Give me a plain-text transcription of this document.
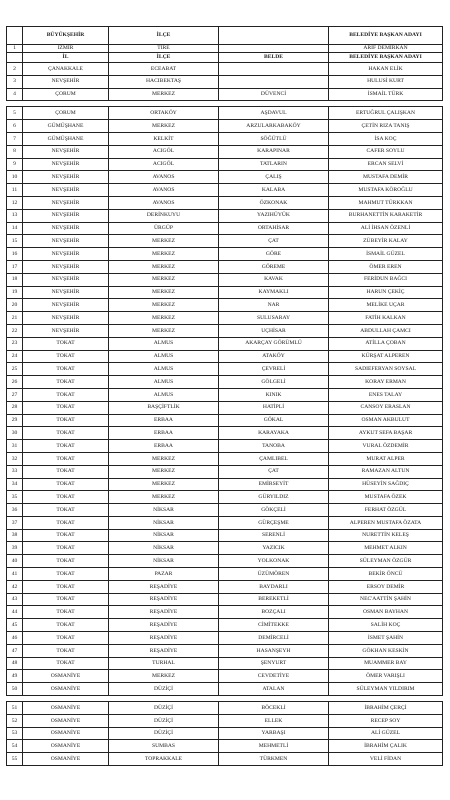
	BÜYÜKŞEHİR	İLÇE		BELEDİYE BAŞKAN ADAYI
1	İZMİR	TİRE		ARİF DEMİRKAN
	İL	İLÇE	BELDE	BELEDİYE BAŞKAN ADAYI
2	ÇANAKKALE	ECEABAT		HAKAN ELİK
3	NEVŞEHİR	HACIBEKTAŞ		HULUSİ KURT
4	ÇORUM	MERKEZ	DÜVENCİ	İSMAİL TÜRK

5	ÇORUM	ORTAKÖY	AŞDAVUL	ERTUĞRUL ÇALIŞKAN
6	GÜMÜŞHANE	MERKEZ	ARZULARKABAKÖY	ÇETİN RIZA TANIŞ
7	GÜMÜŞHANE	KELKİT	SÖĞÜTLÜ	İSA KOÇ
8	NEVŞEHİR	ACIGÖL	KARAPINAR	CAFER SOYLU
9	NEVŞEHİR	ACIGÖL	TATLARIN	ERCAN SELVİ
10	NEVŞEHİR	AVANOS	ÇALIŞ	MUSTAFA DEMİR
11	NEVŞEHİR	AVANOS	KALABA	MUSTAFA KÖROĞLU
12	NEVŞEHİR	AVANOS	ÖZKONAK	MAHMUT TÜRKKAN
13	NEVŞEHİR	DERİNKUYU	YAZIHÜYÜK	BURHANETTİN KARAKETİR
14	NEVŞEHİR	ÜRGÜP	ORTAHİSAR	ALİ İHSAN ÖZENLİ
15	NEVŞEHİR	MERKEZ	ÇAT	ZÜBEYİR KALAY
16	NEVŞEHİR	MERKEZ	GÖRE	İSMAİL GÜZEL
17	NEVŞEHİR	MERKEZ	GÖREME	ÖMER EREN
18	NEVŞEHİR	MERKEZ	KAVAK	FERİDUN BAĞCI
19	NEVŞEHİR	MERKEZ	KAYMAKLI	HARUN ÇEKİÇ
20	NEVŞEHİR	MERKEZ	NAR	MELİKE UÇAR
21	NEVŞEHİR	MERKEZ	SULUSARAY	FATİH KALKAN
22	NEVŞEHİR	MERKEZ	UÇHİSAR	ABDULLAH ÇAMCI
23	TOKAT	ALMUS	AKARÇAY GÖRÜMLÜ	ATİLLA ÇOBAN
24	TOKAT	ALMUS	ATAKÖY	KÜRŞAT ALPEREN
25	TOKAT	ALMUS	ÇEVRELİ	SADIEFERYAN SOYSAL
26	TOKAT	ALMUS	GÖLGELİ	KORAY ERMAN
27	TOKAT	ALMUS	KINIK	ENES TALAY
28	TOKAT	BAŞÇİFTLİK	HATİPLİ	CANSOY ERASLAN
29	TOKAT	ERBAA	GÖKAL	OSMAN AKBULUT
30	TOKAT	ERBAA	KARAYAKA	AYKUT SEFA BAŞAR
31	TOKAT	ERBAA	TANOBA	VURAL ÖZDEMİR
32	TOKAT	MERKEZ	ÇAMLIBEL	MURAT ALPER
33	TOKAT	MERKEZ	ÇAT	RAMAZAN ALTUN
34	TOKAT	MERKEZ	EMİRSEYİT	HÜSEYİN SAĞDIÇ
35	TOKAT	MERKEZ	GÜRYILDIZ	MUSTAFA ÖZEK
36	TOKAT	NİKSAR	GÖKÇELİ	FERHAT ÖZGÜL
37	TOKAT	NİKSAR	GÜRÇEŞME	ALPEREN MUSTAFA ÖZATA
38	TOKAT	NİKSAR	SERENLİ	NURETTİN KELEŞ
39	TOKAT	NİKSAR	YAZICIK	MEHMET ALKIN
40	TOKAT	NİKSAR	YOLKONAK	SÜLEYMAN ÖZGÜR
41	TOKAT	PAZAR	ÜZÜMÖREN	BEKİR ÖNCÜ
42	TOKAT	REŞADİYE	BAYDARLI	ERSOY DEMİR
43	TOKAT	REŞADİYE	BEREKETLİ	NEC'AATTİN ŞAHİN
44	TOKAT	REŞADİYE	BOZÇALI	OSMAN BAYHAN
45	TOKAT	REŞADİYE	CİMİTEKKE	SALİH KOÇ
46	TOKAT	REŞADİYE	DEMİRCELİ	İSMET ŞAHİN
47	TOKAT	REŞADİYE	HASANŞEYH	GÖKHAN KESKİN
48	TOKAT	TURHAL	ŞENYURT	MUAMMER BAY
49	OSMANİYE	MERKEZ	CEVDETİYE	ÖMER VARIŞLI
50	OSMANİYE	DÜZİÇİ	ATALAN	SÜLEYMAN YILDIRIM

51	OSMANİYE	DÜZİÇİ	BÖCEKLİ	İBRAHİM ÇERÇİ
52	OSMANİYE	DÜZİÇİ	ELLEK	RECEP SOY
53	OSMANİYE	DÜZİÇİ	YARBAŞI	ALİ GÜZEL
54	OSMANİYE	SUMBAS	MEHMETLİ	İBRAHİM ÇALIK
55	OSMANİYE	TOPRAKKALE	TÜRKMEN	VELİ FİDAN
